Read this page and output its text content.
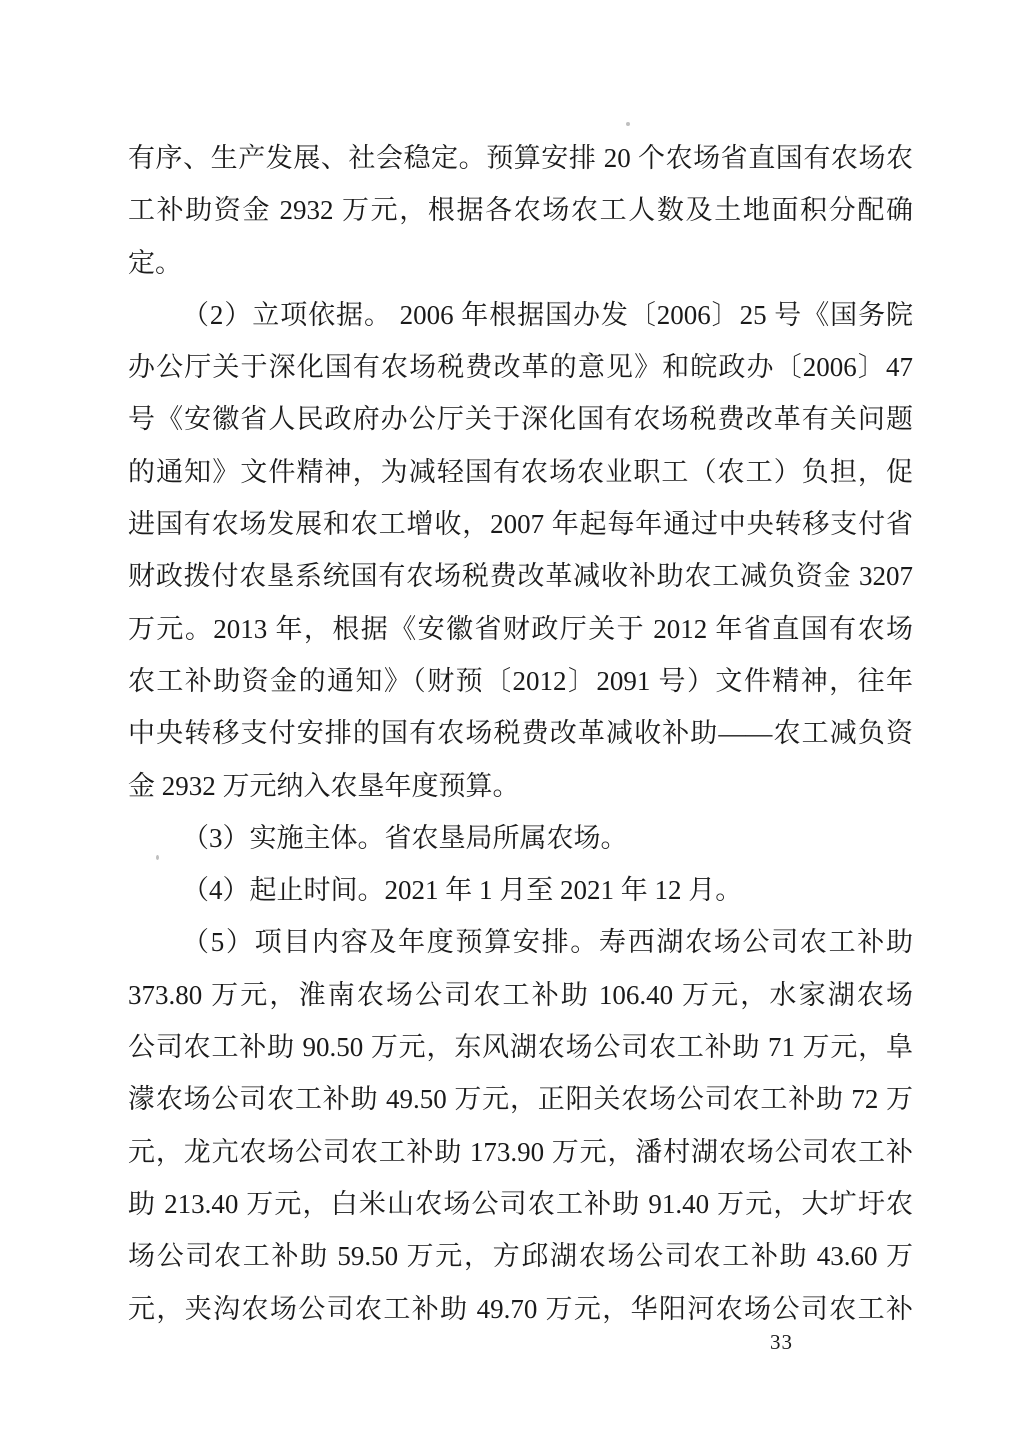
有序、生产发展、社会稳定。预算安排 20 个农场省直国有农场农
工补助资金 2932 万元，根据各农场农工人数及土地面积分配确
定。
（2）立项依据。 2006 年根据国办发〔2006〕25 号《国务院
办公厅关于深化国有农场税费改革的意见》和皖政办〔2006〕47
号《安徽省人民政府办公厅关于深化国有农场税费改革有关问题
的通知》文件精神，为减轻国有农场农业职工（农工）负担，促
进国有农场发展和农工增收，2007 年起每年通过中央转移支付省
财政拨付农垦系统国有农场税费改革减收补助农工减负资金 3207
万元。2013 年，根据《安徽省财政厅关于 2012 年省直国有农场
农工补助资金的通知》（财预〔2012〕2091 号）文件精神，往年
中央转移支付安排的国有农场税费改革减收补助——农工减负资
金 2932 万元纳入农垦年度预算。
（3）实施主体。省农垦局所属农场。
（4）起止时间。2021 年 1 月至 2021 年 12 月。
（5）项目内容及年度预算安排。寿西湖农场公司农工补助
373.80 万元，淮南农场公司农工补助 106.40 万元，水家湖农场
公司农工补助 90.50 万元，东风湖农场公司农工补助 71 万元，阜
濛农场公司农工补助 49.50 万元，正阳关农场公司农工补助 72 万
元，龙亢农场公司农工补助 173.90 万元，潘村湖农场公司农工补
助 213.40 万元，白米山农场公司农工补助 91.40 万元，大圹圩农
场公司农工补助 59.50 万元，方邱湖农场公司农工补助 43.60 万
元，夹沟农场公司农工补助 49.70 万元，华阳河农场公司农工补
33
